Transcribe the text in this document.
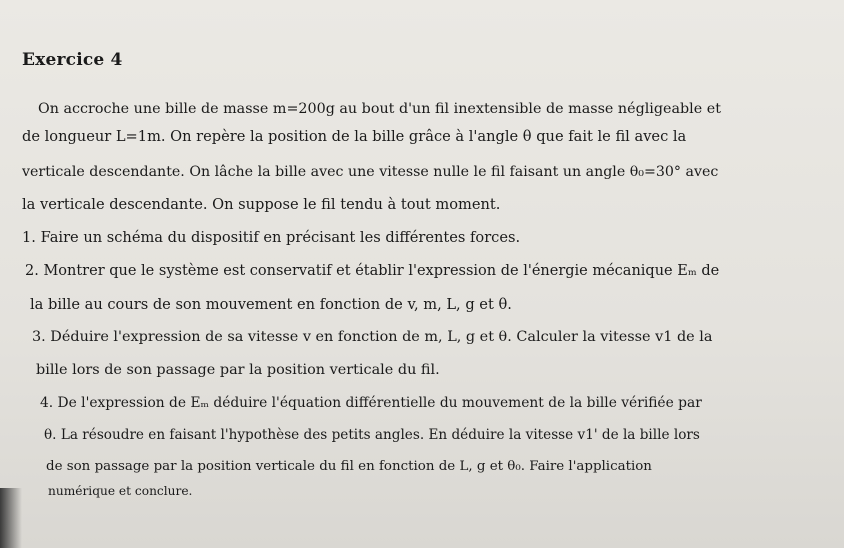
Exercice 4
On accroche une bille de masse m=200g au bout d'un fil inextensible de masse négligeable et
de longueur L=1m. On repère la position de la bille grâce à l'angle θ que fait le fil avec la
verticale descendante. On lâche la bille avec une vitesse nulle le fil faisant un angle θ₀=30° avec
la verticale descendante. On suppose le fil tendu à tout moment.
1. Faire un schéma du dispositif en précisant les différentes forces.
2. Montrer que le système est conservatif et établir l'expression de l'énergie mécanique Eₘ de
la bille au cours de son mouvement en fonction de v, m, L, g et θ.
3. Déduire l'expression de sa vitesse v en fonction de m, L, g et θ. Calculer la vitesse v1 de la
bille lors de son passage par la position verticale du fil.
4. De l'expression de Eₘ déduire l'équation différentielle du mouvement de la bille vérifiée par
θ. La résoudre en faisant l'hypothèse des petits angles. En déduire la vitesse v1' de la bille lors
de son passage par la position verticale du fil en fonction de L, g et θ₀. Faire l'application
numérique et conclure.
